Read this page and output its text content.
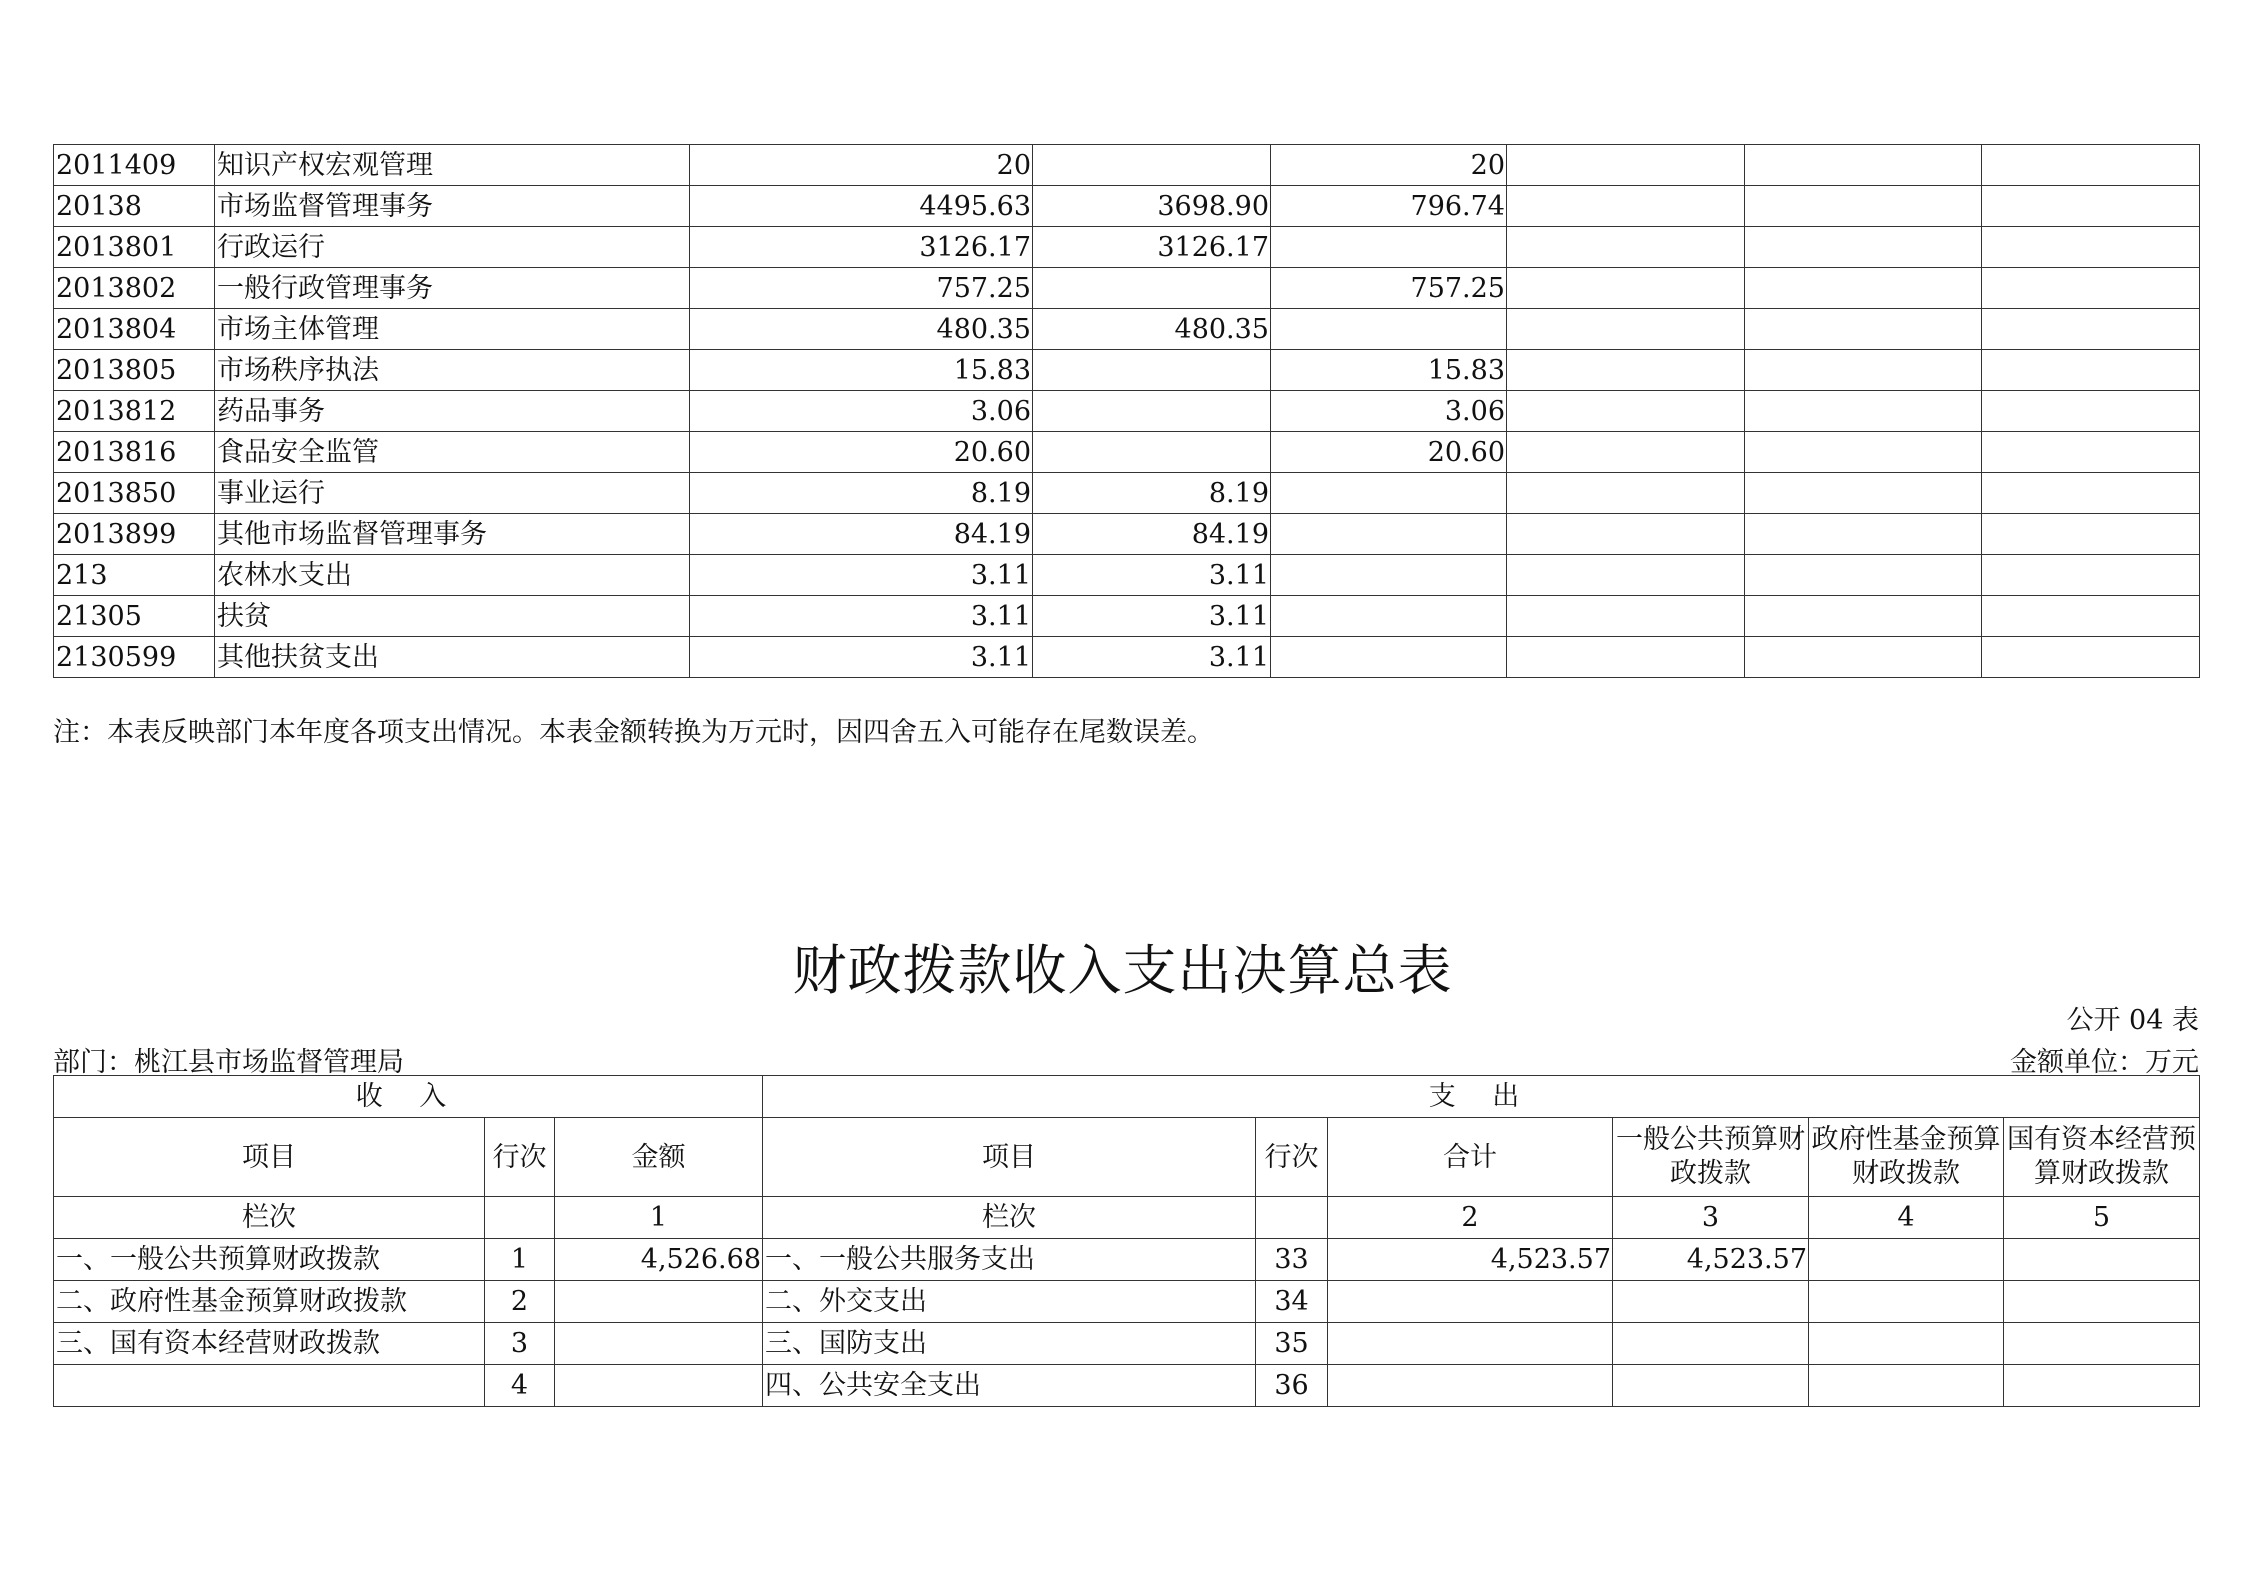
2011409	知识产权宏观管理	20		20			
20138	市场监督管理事务	4495.63	3698.90	796.74			
2013801	行政运行	3126.17	3126.17				
2013802	一般行政管理事务	757.25		757.25			
2013804	市场主体管理	480.35	480.35				
2013805	市场秩序执法	15.83		15.83			
2013812	药品事务	3.06		3.06			
2013816	食品安全监管	20.60		20.60			
2013850	事业运行	8.19	8.19				
2013899	其他市场监督管理事务	84.19	84.19				
213	农林水支出	3.11	3.11				
21305	扶贫	3.11	3.11				
2130599	其他扶贫支出	3.11	3.11				
注：本表反映部门本年度各项支出情况。本表金额转换为万元时，因四舍五入可能存在尾数误差。
财政拨款收入支出决算总表
公开 04 表
部门：桃江县市场监督管理局	金额单位：万元
收 入			支 出					
项目	行次	金额	项目	行次	合计	一般公共预算财政拨款	政府性基金预算财政拨款	国有资本经营预算财政拨款
栏次		1	栏次		2	3	4	5
一、一般公共预算财政拨款	1	4,526.68	一、一般公共服务支出	33	4,523.57	4,523.57		
二、政府性基金预算财政拨款	2		二、外交支出	34				
三、国有资本经营财政拨款	3		三、国防支出	35				
	4		四、公共安全支出	36				
